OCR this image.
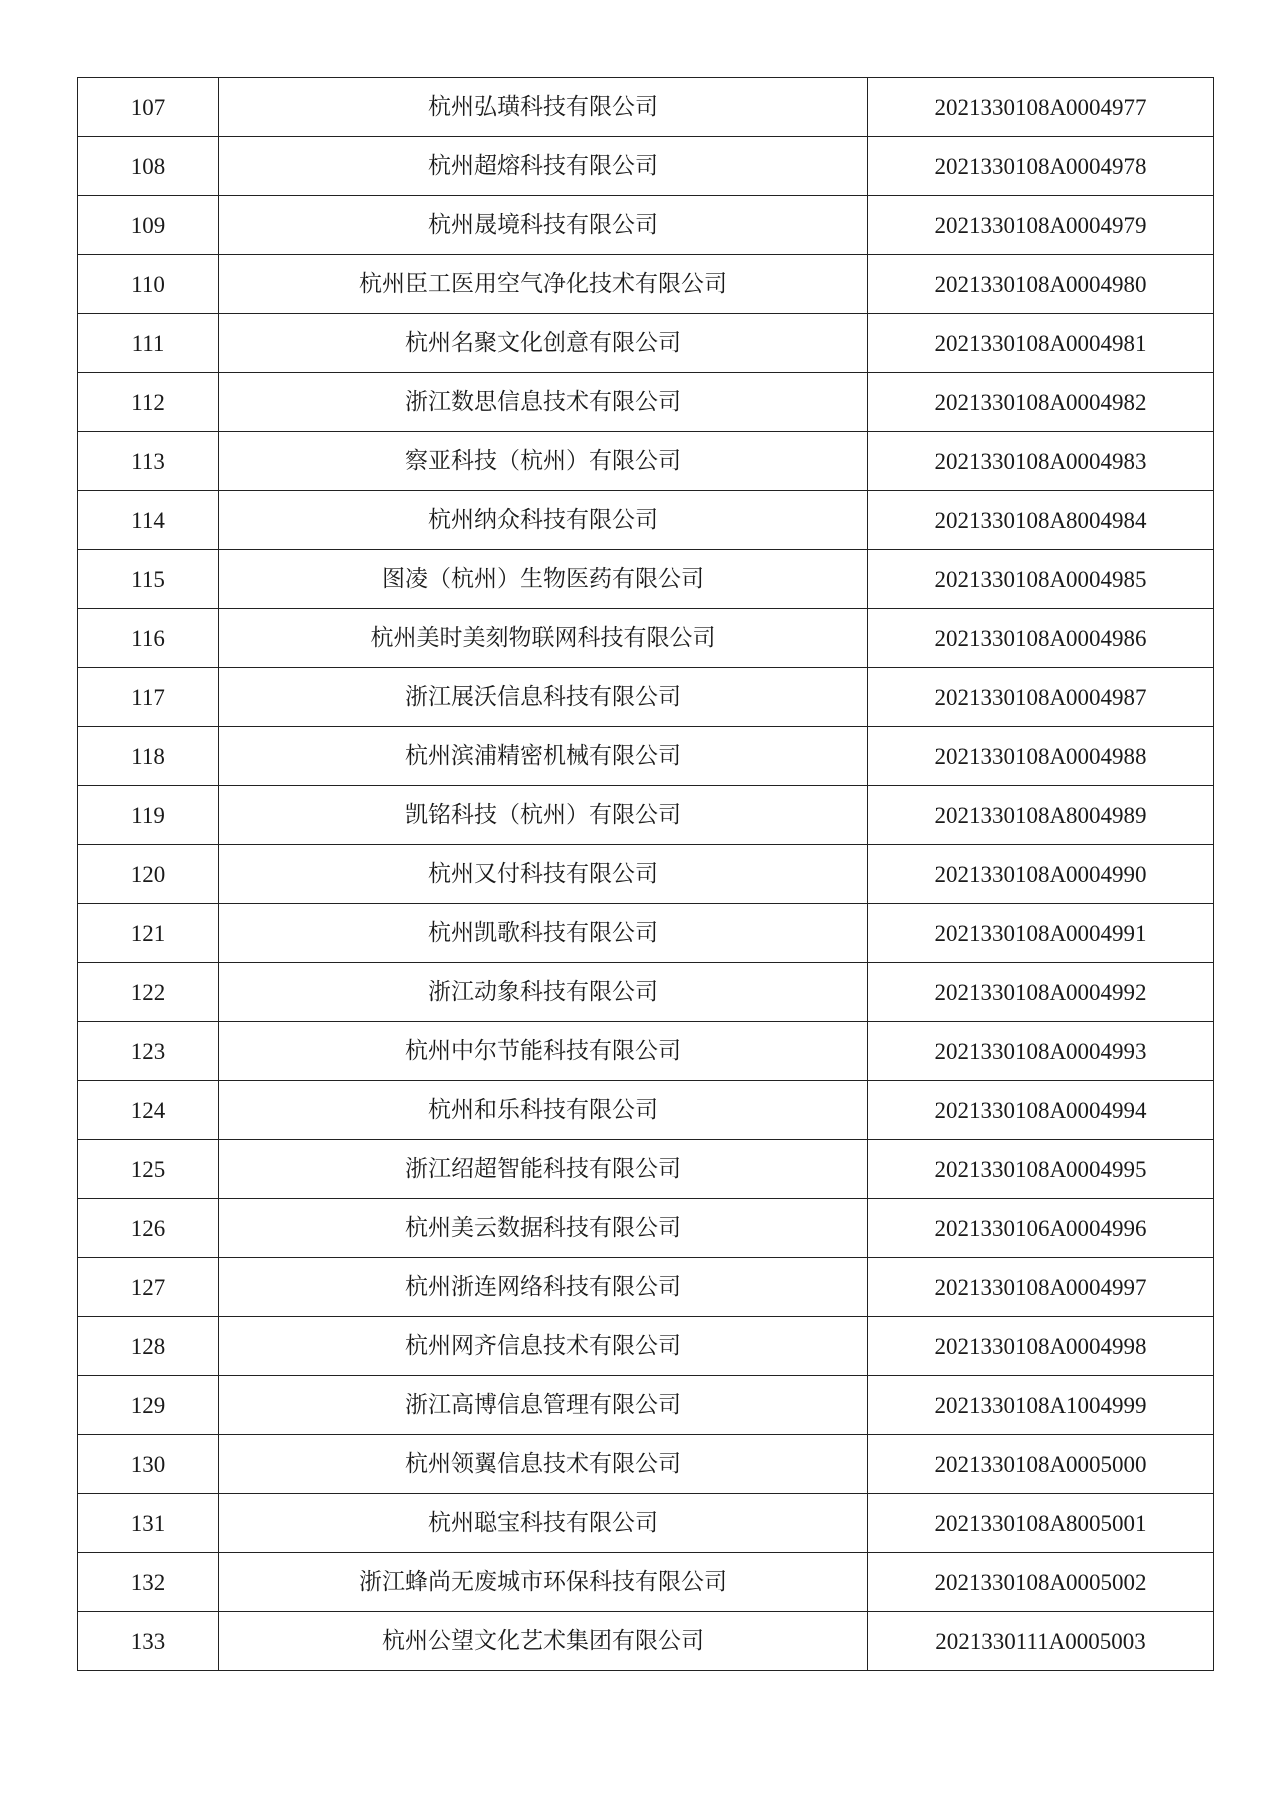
107	杭州弘璜科技有限公司	2021330108A0004977
108	杭州超熔科技有限公司	2021330108A0004978
109	杭州晟境科技有限公司	2021330108A0004979
110	杭州臣工医用空气净化技术有限公司	2021330108A0004980
111	杭州名聚文化创意有限公司	2021330108A0004981
112	浙江数思信息技术有限公司	2021330108A0004982
113	察亚科技（杭州）有限公司	2021330108A0004983
114	杭州纳众科技有限公司	2021330108A8004984
115	图凌（杭州）生物医药有限公司	2021330108A0004985
116	杭州美时美刻物联网科技有限公司	2021330108A0004986
117	浙江展沃信息科技有限公司	2021330108A0004987
118	杭州滨浦精密机械有限公司	2021330108A0004988
119	凯铭科技（杭州）有限公司	2021330108A8004989
120	杭州又付科技有限公司	2021330108A0004990
121	杭州凯歌科技有限公司	2021330108A0004991
122	浙江动象科技有限公司	2021330108A0004992
123	杭州中尔节能科技有限公司	2021330108A0004993
124	杭州和乐科技有限公司	2021330108A0004994
125	浙江绍超智能科技有限公司	2021330108A0004995
126	杭州美云数据科技有限公司	2021330106A0004996
127	杭州浙连网络科技有限公司	2021330108A0004997
128	杭州网齐信息技术有限公司	2021330108A0004998
129	浙江高博信息管理有限公司	2021330108A1004999
130	杭州领翼信息技术有限公司	2021330108A0005000
131	杭州聪宝科技有限公司	2021330108A8005001
132	浙江蜂尚无废城市环保科技有限公司	2021330108A0005002
133	杭州公望文化艺术集团有限公司	2021330111A0005003
